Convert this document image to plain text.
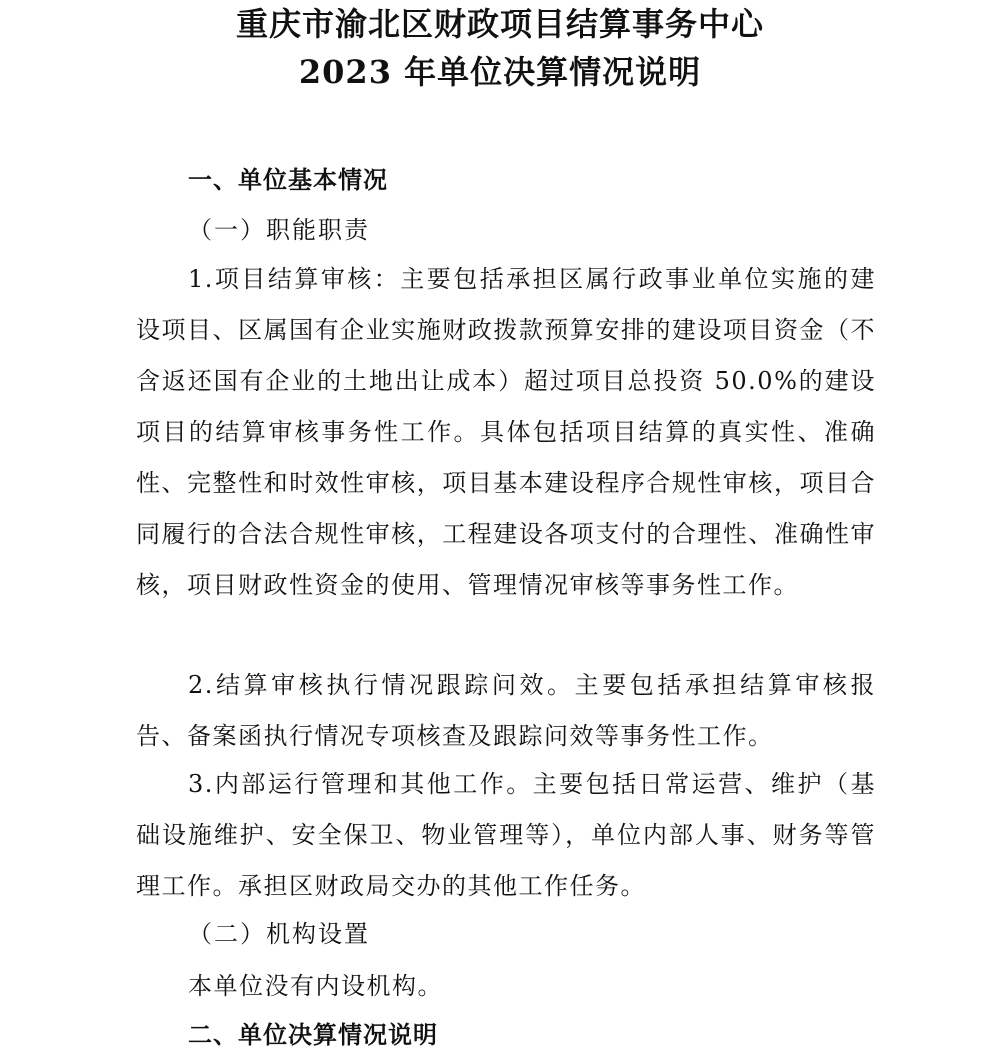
重庆市渝北区财政项目结算事务中心
2023 年单位决算情况说明
一、单位基本情况
（一）职能职责

1.项目结算审核：主要包括承担区属行政事业单位实施的建设项目、区属国有企业实施财政拨款预算安排的建设项目资金（不含返还国有企业的土地出让成本）超过项目总投资 50.0%的建设项目的结算审核事务性工作。具体包括项目结算的真实性、准确性、完整性和时效性审核，项目基本建设程序合规性审核，项目合同履行的合法合规性审核，工程建设各项支付的合理性、准确性审核，项目财政性资金的使用、管理情况审核等事务性工作。

2.结算审核执行情况跟踪问效。主要包括承担结算审核报告、备案函执行情况专项核查及跟踪问效等事务性工作。

3.内部运行管理和其他工作。主要包括日常运营、维护（基础设施维护、安全保卫、物业管理等），单位内部人事、财务等管理工作。承担区财政局交办的其他工作任务。

（二）机构设置
本单位没有内设机构。
二、单位决算情况说明
